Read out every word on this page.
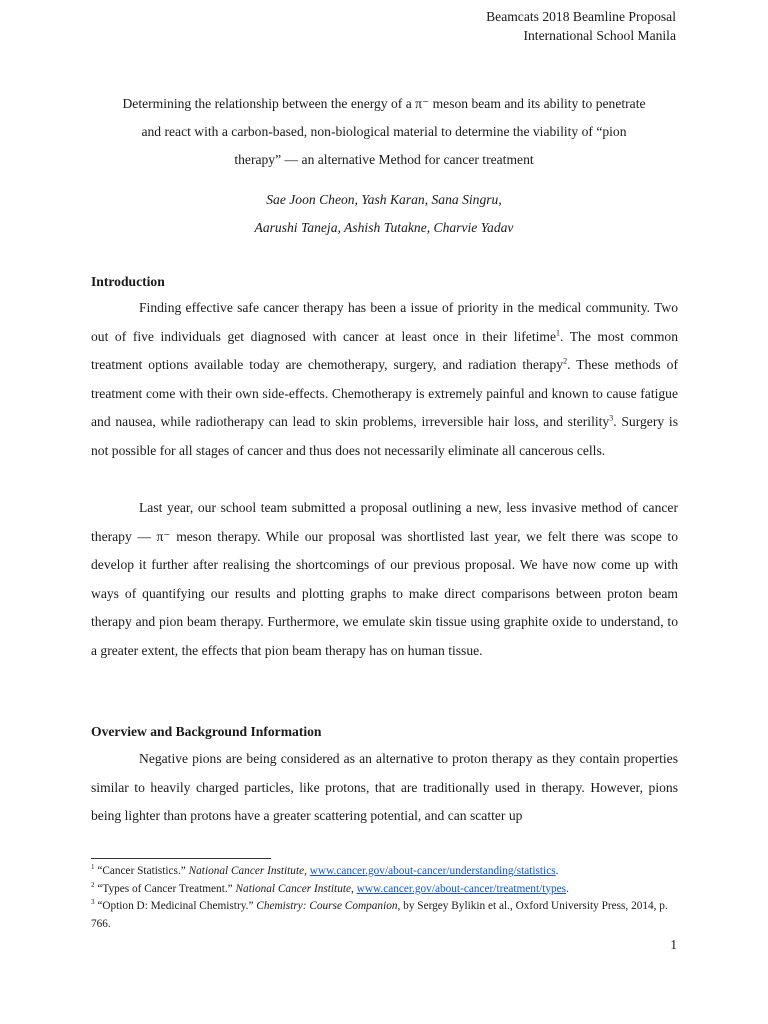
Beamcats 2018 Beamline Proposal
International School Manila
Determining the relationship between the energy of a π⁻ meson beam and its ability to penetrate
and react with a carbon-based, non-biological material to determine the viability of “pion
therapy” — an alternative Method for cancer treatment
Sae Joon Cheon, Yash Karan, Sana Singru,
Aarushi Taneja, Ashish Tutakne, Charvie Yadav
Introduction

Finding effective safe cancer therapy has been a issue of priority in the medical community. Two out of five individuals get diagnosed with cancer at least once in their lifetime$^1$. The most common treatment options available today are chemotherapy, surgery, and radiation therapy$^2$. These methods of treatment come with their own side-effects. Chemotherapy is extremely painful and known to cause fatigue and nausea, while radiotherapy can lead to skin problems, irreversible hair loss, and sterility$^3$. Surgery is not possible for all stages of cancer and thus does not necessarily eliminate all cancerous cells.

Last year, our school team submitted a proposal outlining a new, less invasive method of cancer therapy — π⁻ meson therapy. While our proposal was shortlisted last year, we felt there was scope to develop it further after realising the shortcomings of our previous proposal. We have now come up with ways of quantifying our results and plotting graphs to make direct comparisons between proton beam therapy and pion beam therapy. Furthermore, we emulate skin tissue using graphite oxide to understand, to a greater extent, the effects that pion beam therapy has on human tissue.

Overview and Background Information

Negative pions are being considered as an alternative to proton therapy as they contain properties similar to heavily charged particles, like protons, that are traditionally used in therapy. However, pions being lighter than protons have a greater scattering potential, and can scatter up

$^1$ “Cancer Statistics.” National Cancer Institute, www.cancer.gov/about-cancer/understanding/statistics.

$^2$ “Types of Cancer Treatment.” National Cancer Institute, www.cancer.gov/about-cancer/treatment/types.

$^3$ “Option D: Medicinal Chemistry.” Chemistry: Course Companion, by Sergey Bylikin et al., Oxford University Press, 2014, p. 766.

1
